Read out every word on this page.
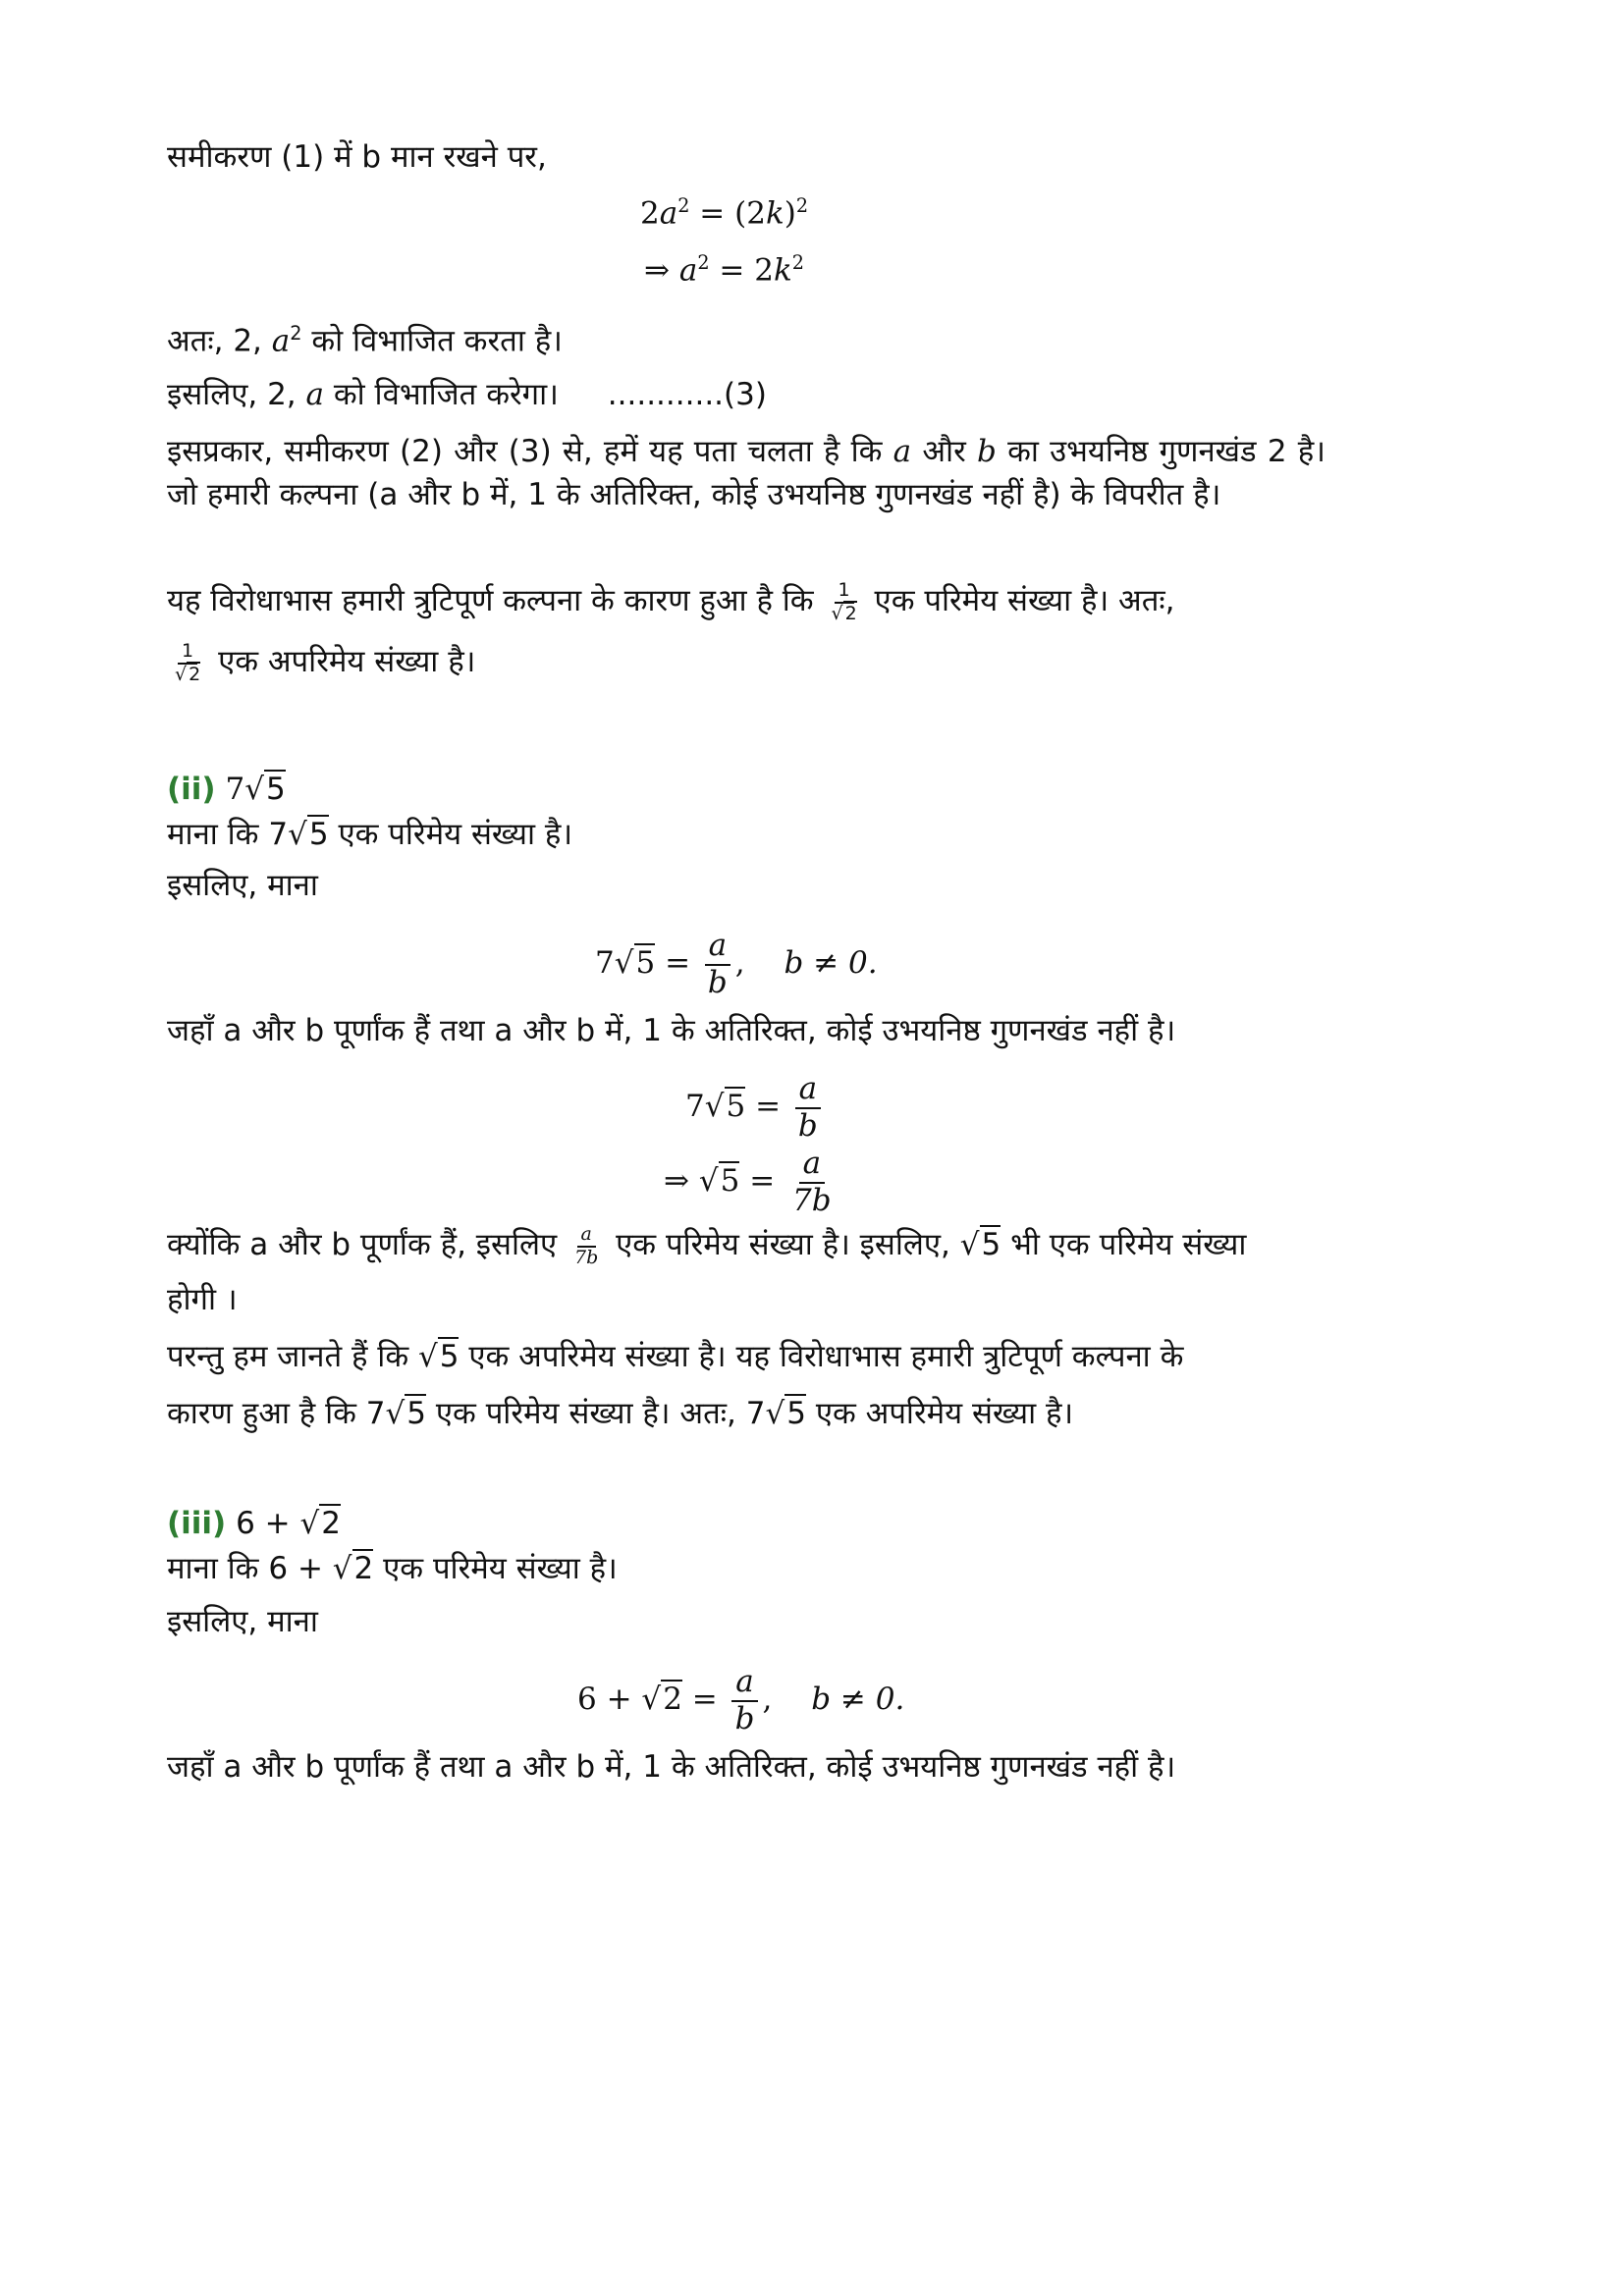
समीकरण (1) में b मान रखने पर,
$2a^2 = (2k)^2$
⇒ $a^2 = 2k^2$
अतः, 2, $a^2$ को विभाजित करता है।
इसलिए, 2, a को विभाजित करेगा। ............(3)
इसप्रकार, समीकरण (2) और (3) से, हमें यह पता चलता है कि a और b का उभयनिष्ठ गुणनखंड 2 है। जो हमारी कल्पना (a और b में, 1 के अतिरिक्त, कोई उभयनिष्ठ गुणनखंड नहीं है) के विपरीत है।
यह विरोधाभास हमारी त्रुटिपूर्ण कल्पना के कारण हुआ है कि $\frac{1}{√ 2}$ एक परिमेय संख्या है। अतः,
$\frac{1}{√ 2}$ एक अपरिमेय संख्या है।
(ii) 7√5
माना कि 7√5 एक परिमेय संख्या है।
इसलिए, माना
$7√5 = \frac{a}{b}$ , b ≠ 0.
जहाँ a और b पूर्णांक हैं तथा a और b में, 1 के अतिरिक्त, कोई उभयनिष्ठ गुणनखंड नहीं है।
$7√5 = \frac{a}{b}$
⇒ $√5 = \frac{a}{7b}$
क्योंकि a और b पूर्णांक हैं, इसलिए $\frac{a}{7b}$ एक परिमेय संख्या है। इसलिए, √5 भी एक परिमेय संख्या
होगी ।
परन्तु हम जानते हैं कि √5 एक अपरिमेय संख्या है। यह विरोधाभास हमारी त्रुटिपूर्ण कल्पना के
कारण हुआ है कि 7√5 एक परिमेय संख्या है। अतः, 7√5 एक अपरिमेय संख्या है।
(iii) 6 + √2
माना कि 6 + √2 एक परिमेय संख्या है।
इसलिए, माना
$6 + √2 = \frac{a}{b}$ , b ≠ 0.
जहाँ a और b पूर्णांक हैं तथा a और b में, 1 के अतिरिक्त, कोई उभयनिष्ठ गुणनखंड नहीं है।
